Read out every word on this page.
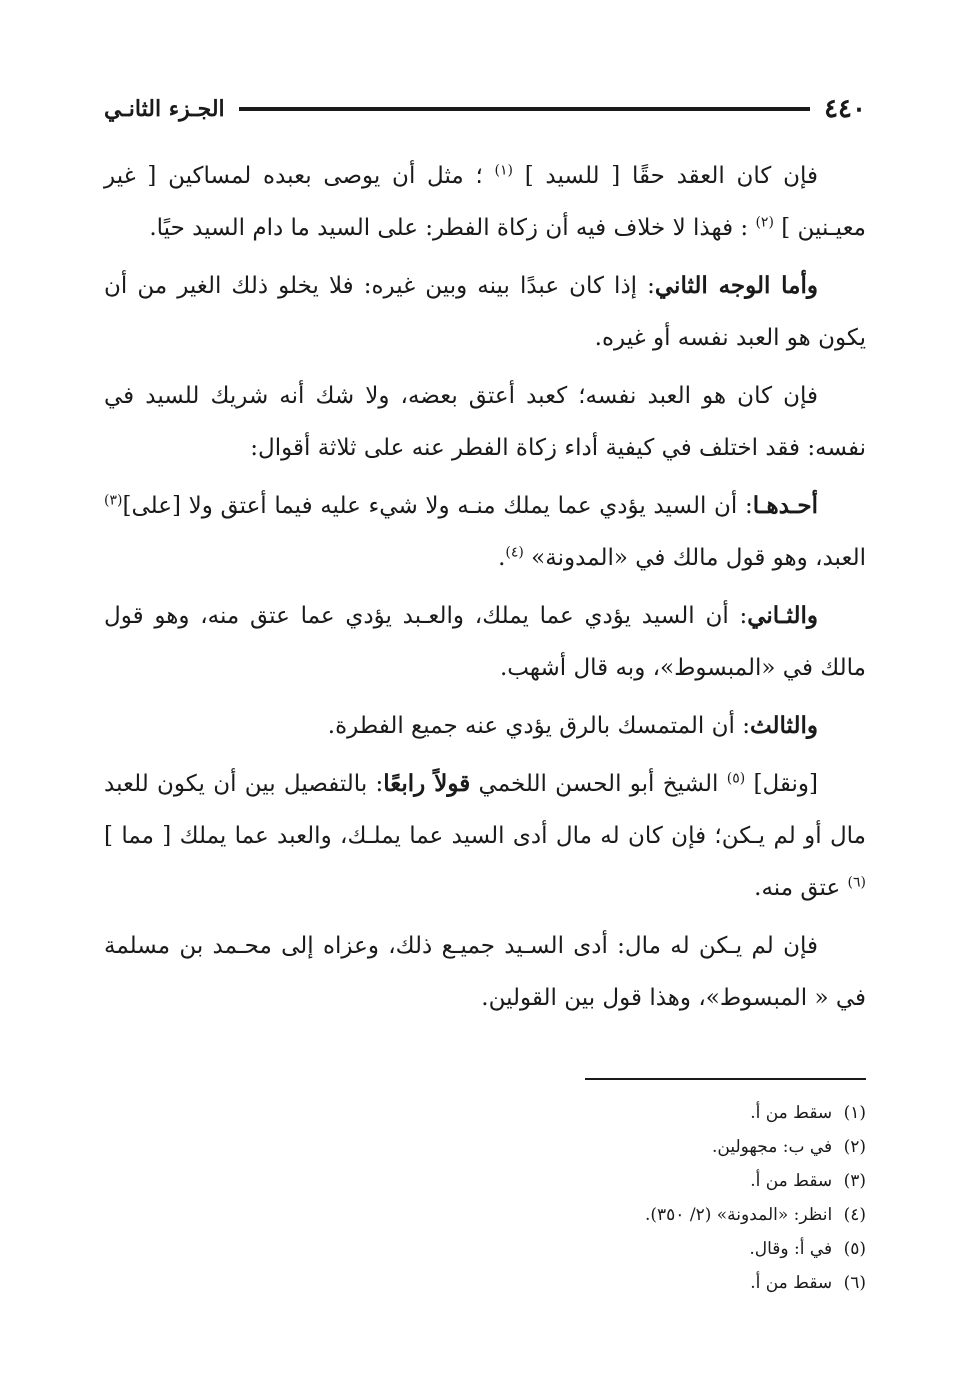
٤٤٠
الجـزء الثانـي

فإن كان العقد حقًا [ للسيد ] $^{(١)}$ ؛ مثل أن يوصى بعبده لمساكين [ غير معيـنين ] $^{(٢)}$ : فهذا لا خلاف فيه أن زكاة الفطر: على السيد ما دام السيد حيًا.

وأما الوجه الثاني: إذا كان عبدًا بينه وبين غيره: فلا يخلو ذلك الغير من أن يكون هو العبد نفسه أو غيره.

فإن كان هو العبد نفسه؛ كعبد أعتق بعضه، ولا شك أنه شريك للسيد في نفسه: فقد اختلف في كيفية أداء زكاة الفطر عنه على ثلاثة أقوال:

أحـدهـا: أن السيد يؤدي عما يملك منـه ولا شيء عليه فيما أعتق ولا [على]$^{(٣)}$ العبد، وهو قول مالك في «المدونة» $^{(٤)}$.

والثـاني: أن السيد يؤدي عما يملك، والعـبد يؤدي عما عتق منه، وهو قول مالك في «المبسوط»، وبه قال أشهب.

والثالث: أن المتمسك بالرق يؤدي عنه جميع الفطرة.

[ونقل] $^{(٥)}$ الشيخ أبو الحسن اللخمي قولاً رابعًا: بالتفصيل بين أن يكون للعبد مال أو لم يـكن؛ فإن كان له مال أدى السيد عما يملـك، والعبد عما يملك [ مما ] $^{(٦)}$ عتق منه.

فإن لم يـكن له مال: أدى السـيد جميـع ذلك، وعزاه إلى محـمد بن مسلمة في « المبسوط»، وهذا قول بين القولين.

(١) سقط من أ.
(٢) في ب: مجهولين.
(٣) سقط من أ.
(٤) انظر: «المدونة» (٢/ ٣٥٠).
(٥) في أ: وقال.
(٦) سقط من أ.
